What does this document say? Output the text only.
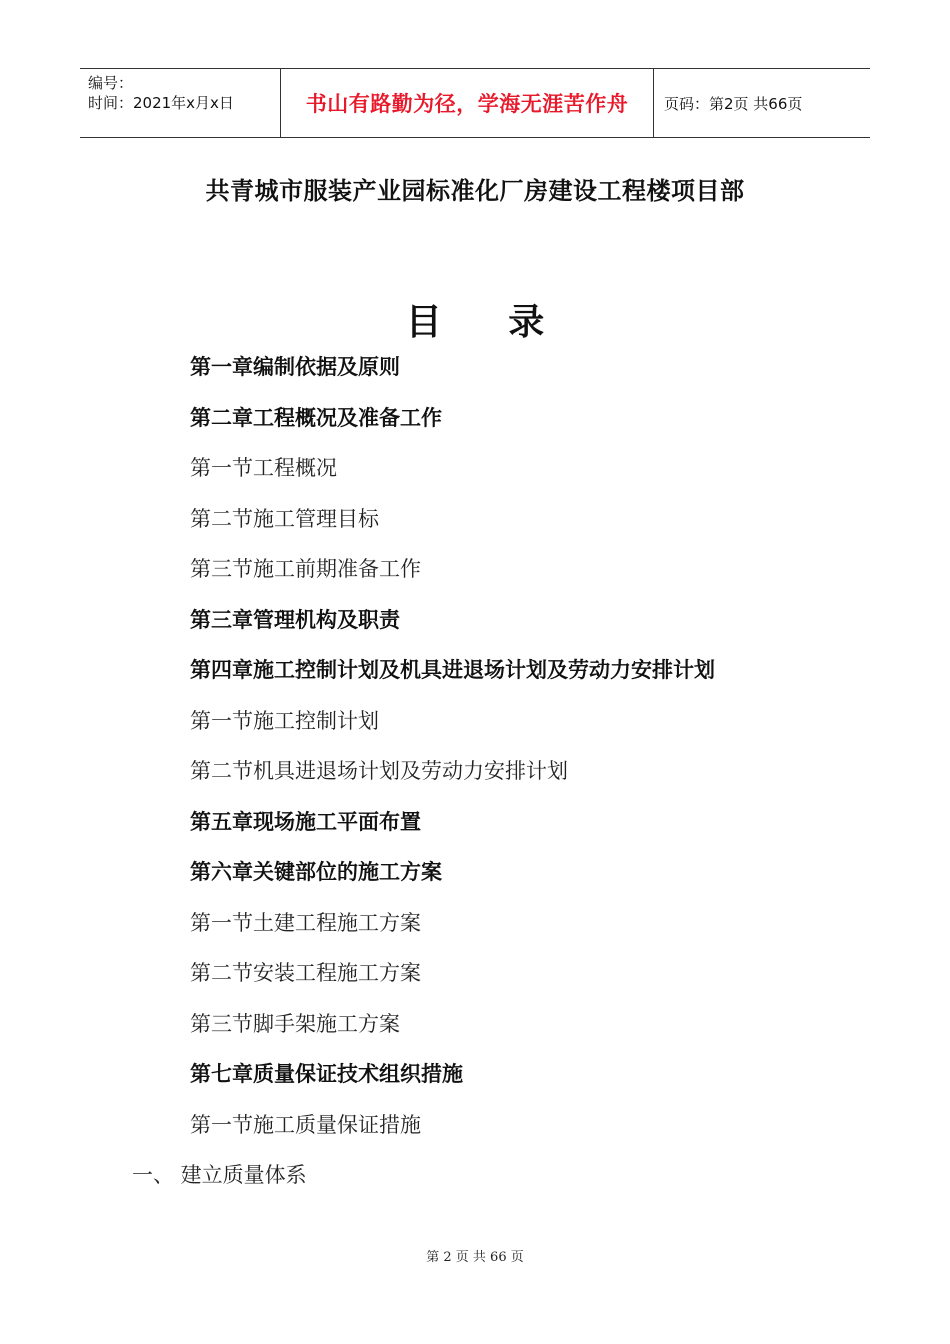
编号：
时间：2021年x月x日	书山有路勤为径，学海无涯苦作舟	页码：第2页 共66页
共青城市服装产业园标准化厂房建设工程楼项目部
目 录
第一章编制依据及原则
第二章工程概况及准备工作
第一节工程概况
第二节施工管理目标
第三节施工前期准备工作
第三章管理机构及职责
第四章施工控制计划及机具进退场计划及劳动力安排计划
第一节施工控制计划
第二节机具进退场计划及劳动力安排计划
第五章现场施工平面布置
第六章关键部位的施工方案
第一节土建工程施工方案
第二节安装工程施工方案
第三节脚手架施工方案
第七章质量保证技术组织措施
第一节施工质量保证措施
一、 建立质量体系
第 2 页 共 66 页
